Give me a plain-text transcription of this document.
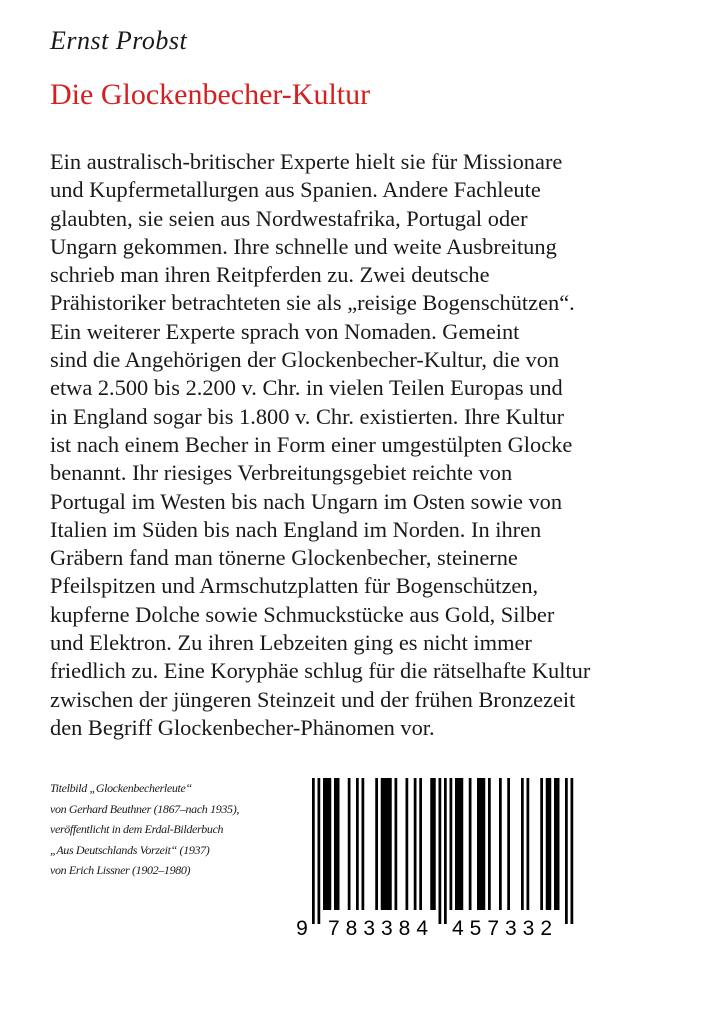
Ernst Probst
Die Glockenbecher-Kultur
Ein australisch-britischer Experte hielt sie für Missionare
und Kupfermetallurgen aus Spanien. Andere Fachleute
glaubten, sie seien aus Nordwestafrika, Portugal oder
Ungarn gekommen. Ihre schnelle und weite Ausbreitung
schrieb man ihren Reitpferden zu. Zwei deutsche
Prähistoriker betrachteten sie als „reisige Bogenschützen“.
Ein weiterer Experte sprach von Nomaden. Gemeint
sind die Angehörigen der Glockenbecher-Kultur, die von
etwa 2.500 bis 2.200 v. Chr. in vielen Teilen Europas und
in England sogar bis 1.800 v. Chr. existierten. Ihre Kultur
ist nach einem Becher in Form einer umgestülpten Glocke
benannt. Ihr riesiges Verbreitungsgebiet reichte von
Portugal im Westen bis nach Ungarn im Osten sowie von
Italien im Süden bis nach England im Norden. In ihren
Gräbern fand man tönerne Glockenbecher, steinerne
Pfeilspitzen und Armschutzplatten für Bogenschützen,
kupferne Dolche sowie Schmuckstücke aus Gold, Silber
und Elektron. Zu ihren Lebzeiten ging es nicht immer
friedlich zu. Eine Koryphäe schlug für die rätselhafte Kultur
zwischen der jüngeren Steinzeit und der frühen Bronzezeit
den Begriff Glockenbecher-Phänomen vor.
Titelbild „Glockenbecherleute“
von Gerhard Beuthner (1867–nach 1935),
veröffentlicht in dem Erdal-Bilderbuch
„Aus Deutschlands Vorzeit“ (1937)
von Erich Lissner (1902–1980)
9 783384 457332
